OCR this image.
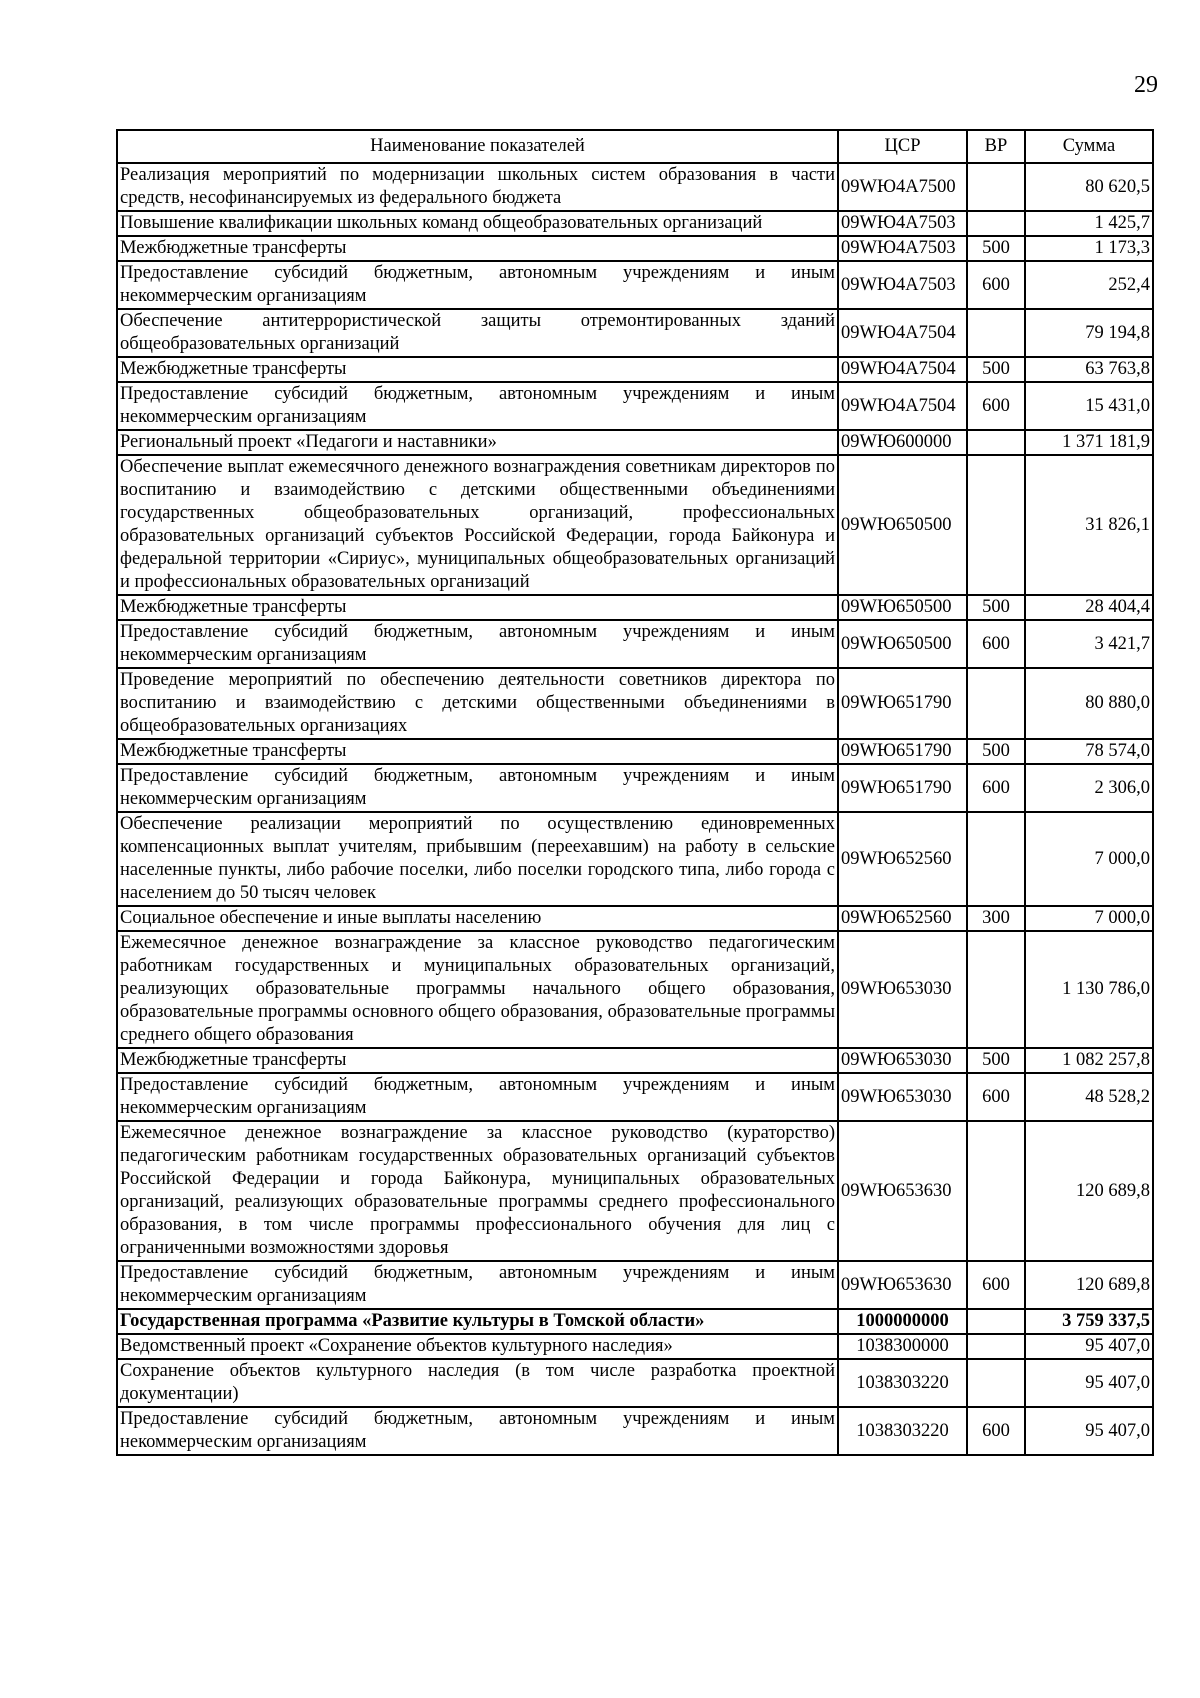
29
Наименование показателей	ЦСР	ВР	Сумма
Реализация мероприятий по модернизации школьных систем образования в части средств, несофинансируемых из федерального бюджета	09WЮ4А7500		80 620,5
Повышение квалификации школьных команд общеобразовательных организаций	09WЮ4А7503		1 425,7
Межбюджетные трансферты	09WЮ4А7503	500	1 173,3
Предоставление субсидий бюджетным, автономным учреждениям и иным некоммерческим организациям	09WЮ4А7503	600	252,4
Обеспечение антитеррористической защиты отремонтированных зданий общеобразовательных организаций	09WЮ4А7504		79 194,8
Межбюджетные трансферты	09WЮ4А7504	500	63 763,8
Предоставление субсидий бюджетным, автономным учреждениям и иным некоммерческим организациям	09WЮ4А7504	600	15 431,0
Региональный проект «Педагоги и наставники»	09WЮ600000		1 371 181,9
Обеспечение выплат ежемесячного денежного вознаграждения советникам директоров по воспитанию и взаимодействию с детскими общественными объединениями государственных общеобразовательных организаций, профессиональных образовательных организаций субъектов Российской Федерации, города Байконура и федеральной территории «Сириус», муниципальных общеобразовательных организаций и профессиональных образовательных организаций	09WЮ650500		31 826,1
Межбюджетные трансферты	09WЮ650500	500	28 404,4
Предоставление субсидий бюджетным, автономным учреждениям и иным некоммерческим организациям	09WЮ650500	600	3 421,7
Проведение мероприятий по обеспечению деятельности советников директора по воспитанию и взаимодействию с детскими общественными объединениями в общеобразовательных организациях	09WЮ651790		80 880,0
Межбюджетные трансферты	09WЮ651790	500	78 574,0
Предоставление субсидий бюджетным, автономным учреждениям и иным некоммерческим организациям	09WЮ651790	600	2 306,0
Обеспечение реализации мероприятий по осуществлению единовременных компенсационных выплат учителям, прибывшим (переехавшим) на работу в сельские населенные пункты, либо рабочие поселки, либо поселки городского типа, либо города с населением до 50 тысяч человек	09WЮ652560		7 000,0
Социальное обеспечение и иные выплаты населению	09WЮ652560	300	7 000,0
Ежемесячное денежное вознаграждение за классное руководство педагогическим работникам государственных и муниципальных образовательных организаций, реализующих образовательные программы начального общего образования, образовательные программы основного общего образования, образовательные программы среднего общего образования	09WЮ653030		1 130 786,0
Межбюджетные трансферты	09WЮ653030	500	1 082 257,8
Предоставление субсидий бюджетным, автономным учреждениям и иным некоммерческим организациям	09WЮ653030	600	48 528,2
Ежемесячное денежное вознаграждение за классное руководство (кураторство) педагогическим работникам государственных образовательных организаций субъектов Российской Федерации и города Байконура, муниципальных образовательных организаций, реализующих образовательные программы среднего профессионального образования, в том числе программы профессионального обучения для лиц с ограниченными возможностями здоровья	09WЮ653630		120 689,8
Предоставление субсидий бюджетным, автономным учреждениям и иным некоммерческим организациям	09WЮ653630	600	120 689,8
Государственная программа «Развитие культуры в Томской области»	1000000000		3 759 337,5
Ведомственный проект «Сохранение объектов культурного наследия»	1038300000		95 407,0
Сохранение объектов культурного наследия (в том числе разработка проектной документации)	1038303220		95 407,0
Предоставление субсидий бюджетным, автономным учреждениям и иным некоммерческим организациям	1038303220	600	95 407,0
